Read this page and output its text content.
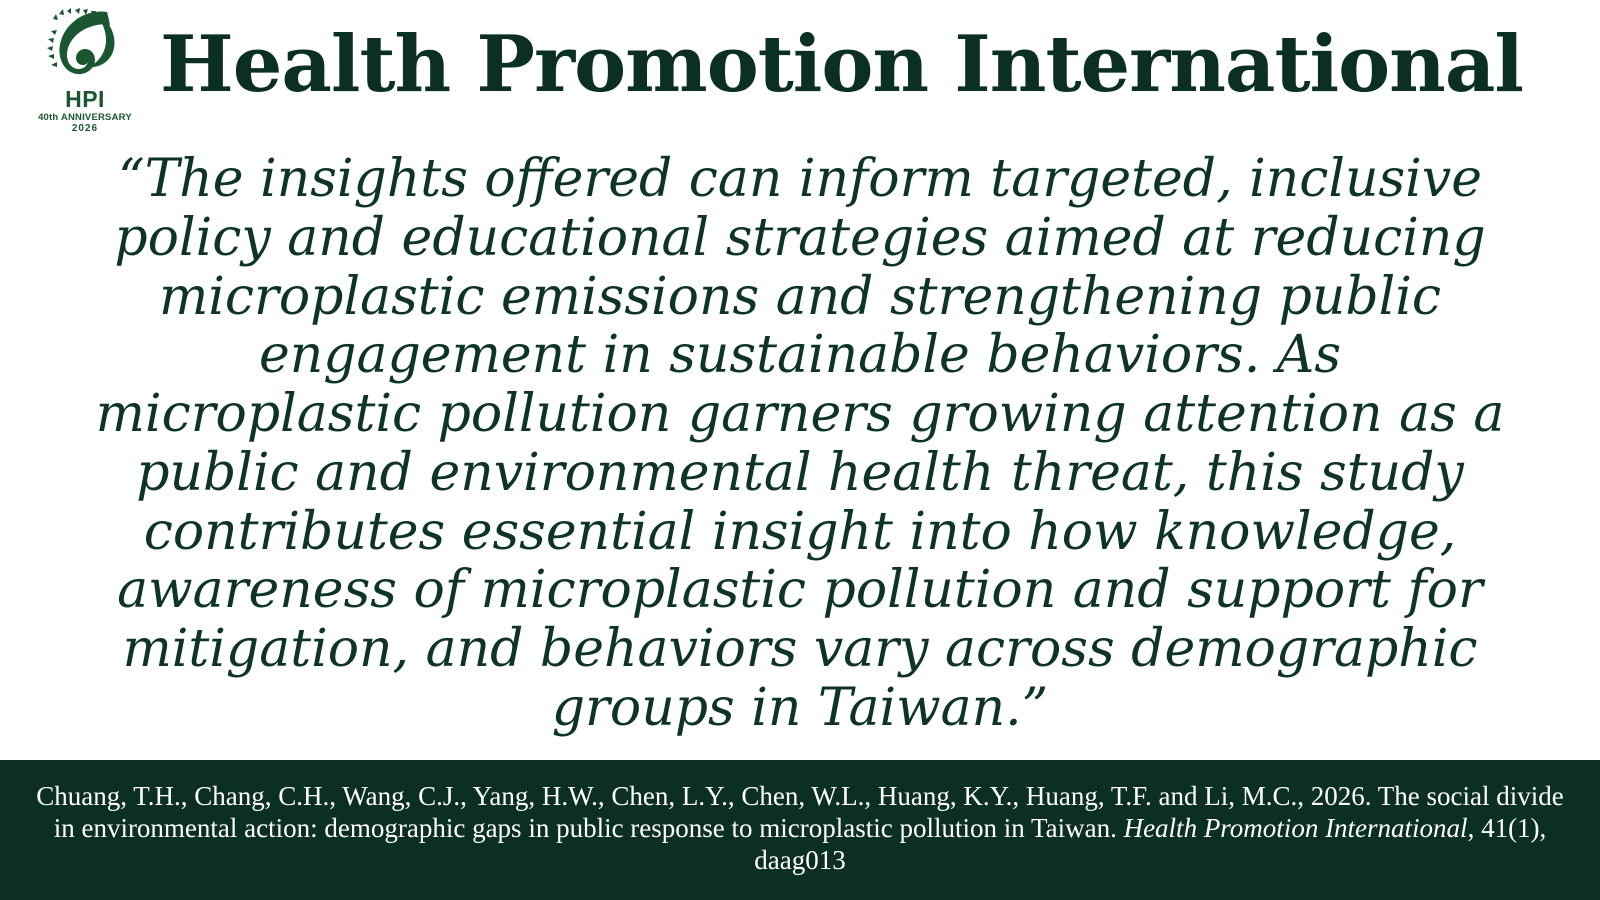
HPI
40th ANNIVERSARY
2026
Health Promotion International

“The insights offered can inform targeted, inclusive policy and educational strategies aimed at reducing microplastic emissions and strengthening public engagement in sustainable behaviors. As microplastic pollution garners growing attention as a public and environmental health threat, this study contributes essential insight into how knowledge, awareness of microplastic pollution and support for mitigation, and behaviors vary across demographic groups in Taiwan.”

Chuang, T.H., Chang, C.H., Wang, C.J., Yang, H.W., Chen, L.Y., Chen, W.L., Huang, K.Y., Huang, T.F. and Li, M.C., 2026. The social divide in environmental action: demographic gaps in public response to microplastic pollution in Taiwan. Health Promotion International, 41(1), daag013
